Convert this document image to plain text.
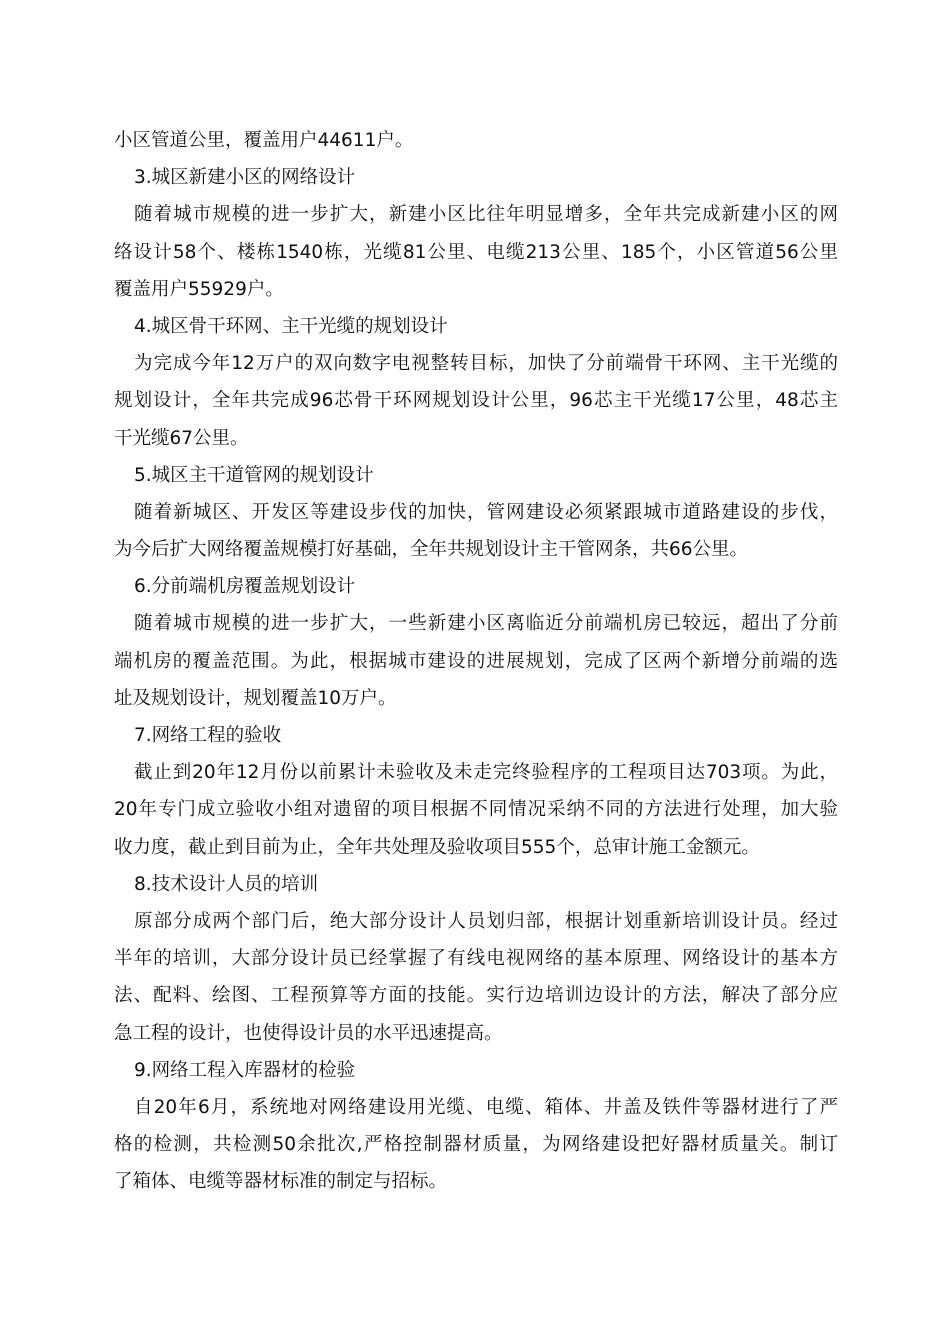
小区管道公里，覆盖用户44611户。
3.城区新建小区的网络设计
随着城市规模的进一步扩大，新建小区比往年明显增多，全年共完成新建小区的网
络设计58个、楼栋1540栋，光缆81公里、电缆213公里、185个，小区管道56公里
覆盖用户55929户。
4.城区骨干环网、主干光缆的规划设计
为完成今年12万户的双向数字电视整转目标，加快了分前端骨干环网、主干光缆的
规划设计，全年共完成96芯骨干环网规划设计公里，96芯主干光缆17公里，48芯主
干光缆67公里。
5.城区主干道管网的规划设计
随着新城区、开发区等建设步伐的加快，管网建设必须紧跟城市道路建设的步伐，
为今后扩大网络覆盖规模打好基础，全年共规划设计主干管网条，共66公里。
6.分前端机房覆盖规划设计
随着城市规模的进一步扩大，一些新建小区离临近分前端机房已较远，超出了分前
端机房的覆盖范围。为此，根据城市建设的进展规划，完成了区两个新增分前端的选
址及规划设计，规划覆盖10万户。
7.网络工程的验收
截止到20年12月份以前累计未验收及未走完终验程序的工程项目达703项。为此，
20年专门成立验收小组对遗留的项目根据不同情况采纳不同的方法进行处理，加大验
收力度，截止到目前为止，全年共处理及验收项目555个，总审计施工金额元。
8.技术设计人员的培训
原部分成两个部门后，绝大部分设计人员划归部，根据计划重新培训设计员。经过
半年的培训，大部分设计员已经掌握了有线电视网络的基本原理、网络设计的基本方
法、配料、绘图、工程预算等方面的技能。实行边培训边设计的方法，解决了部分应
急工程的设计，也使得设计员的水平迅速提高。
9.网络工程入库器材的检验
自20年6月，系统地对网络建设用光缆、电缆、箱体、井盖及铁件等器材进行了严
格的检测，共检测50余批次,严格控制器材质量，为网络建设把好器材质量关。制订
了箱体、电缆等器材标准的制定与招标。
